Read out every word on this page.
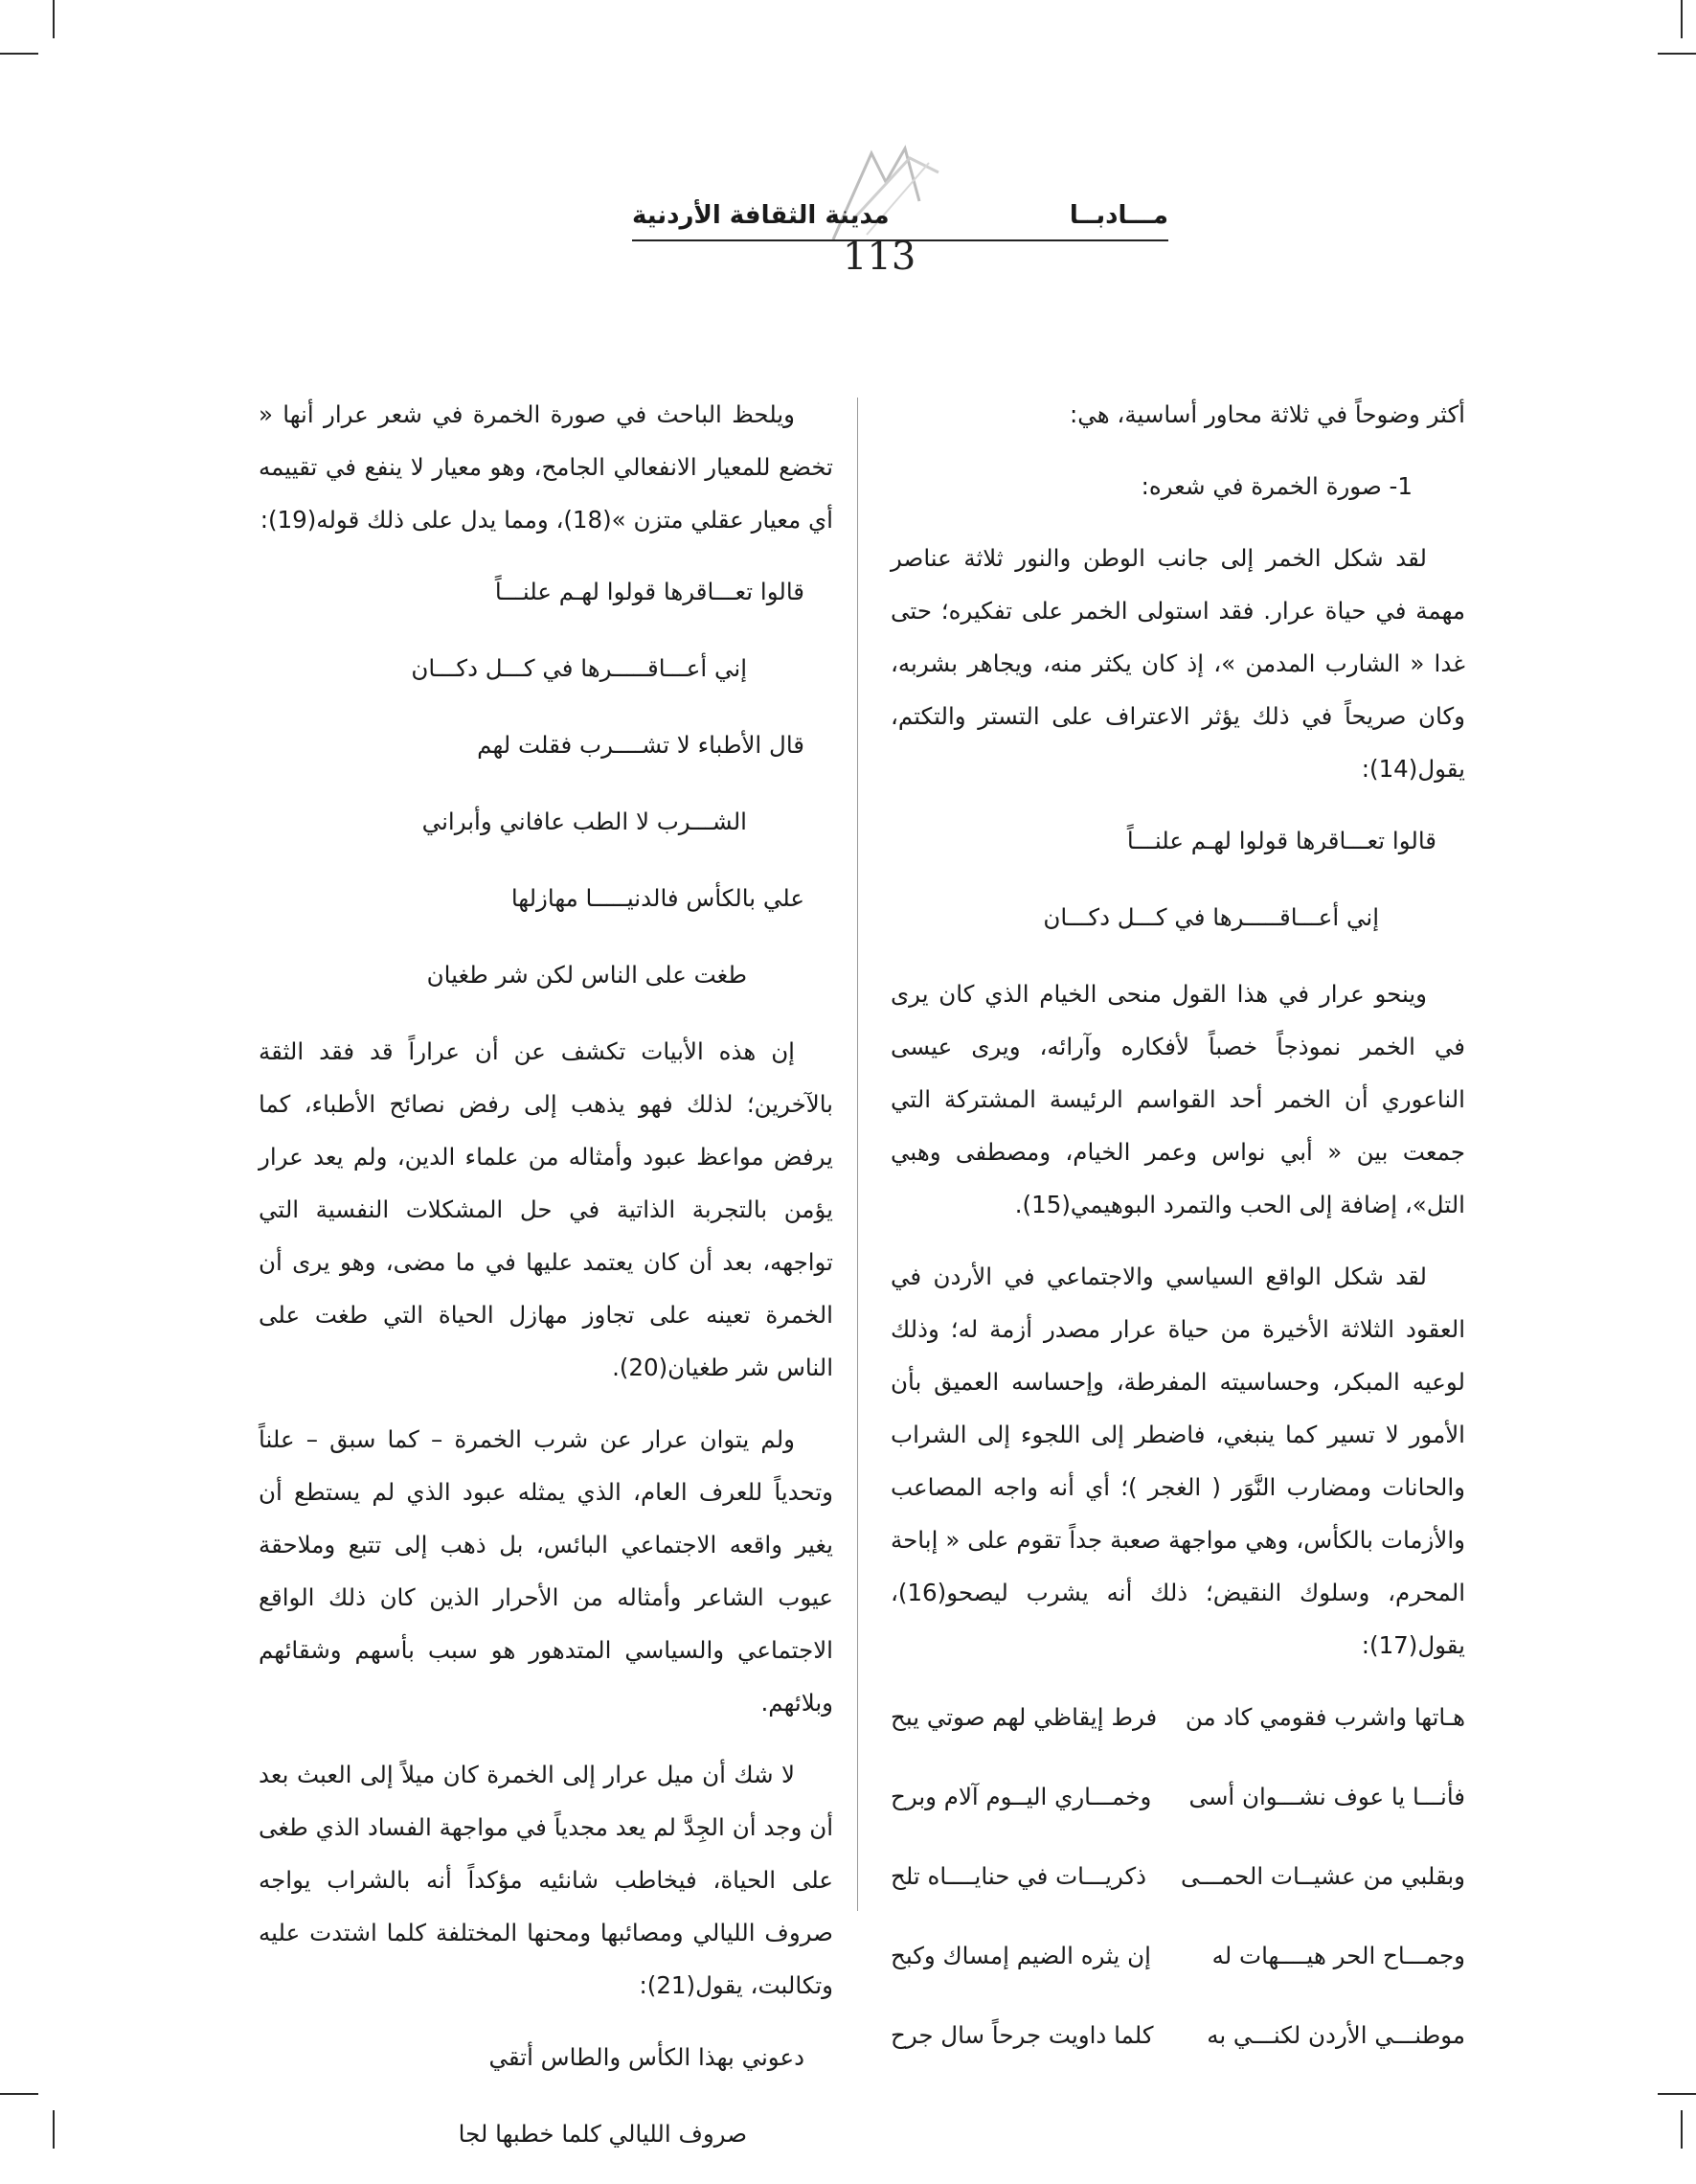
مـــادبــا
مدينة الثقافة الأردنية
113

أكثر وضوحاً في ثلاثة محاور أساسية، هي:

1- صورة الخمرة في شعره:

لقد شكل الخمر إلى جانب الوطن والنور ثلاثة عناصر مهمة في حياة عرار. فقد استولى الخمر على تفكيره؛ حتى غدا « الشارب المدمن »، إذ كان يكثر منه، ويجاهر بشربه، وكان صريحاً في ذلك يؤثر الاعتراف على التستر والتكتم، يقول(14):

قالوا تعـــاقرها قولوا لهـم علنـــاً
إني أعـــاقـــــرها في كـــل دكـــان

وينحو عرار في هذا القول منحى الخيام الذي كان يرى في الخمر نموذجاً خصباً لأفكاره وآرائه، ويرى عيسى الناعوري أن الخمر أحد القواسم الرئيسة المشتركة التي جمعت بين « أبي نواس وعمر الخيام، ومصطفى وهبي التل»، إضافة إلى الحب والتمرد البوهيمي(15).

لقد شكل الواقع السياسي والاجتماعي في الأردن في العقود الثلاثة الأخيرة من حياة عرار مصدر أزمة له؛ وذلك لوعيه المبكر، وحساسيته المفرطة، وإحساسه العميق بأن الأمور لا تسير كما ينبغي، فاضطر إلى اللجوء إلى الشراب والحانات ومضارب النَّوَر ( الغجر )؛ أي أنه واجه المصاعب والأزمات بالكأس، وهي مواجهة صعبة جداً تقوم على « إباحة المحرم، وسلوك النقيض؛ ذلك أنه يشرب ليصحو(16)، يقول(17):

هـاتها واشرب فقومي كاد من
فرط إيقاظي لهم صوتي يبح
فأنـــا يا عوف نشـــوان أسى
وخمـــاري اليــوم آلام وبرح
وبقلبي من عشيــات الحمـــى
ذكريـــات في حنايــــاه تلح
وجمـــاح الحر هيــــهات له
إن يثره الضيم إمساك وكبح
موطنـــي الأردن لكنـــي به
كلما داويت جرحاً سال جرح

ويلحظ الباحث في صورة الخمرة في شعر عرار أنها « تخضع للمعيار الانفعالي الجامح، وهو معيار لا ينفع في تقييمه أي معيار عقلي متزن »(18)، ومما يدل على ذلك قوله(19):

قالوا تعـــاقرها قولوا لهـم علنـــاً
إني أعـــاقـــــرها في كـــل دكـــان
قال الأطباء لا تشــــرب فقلت لهم
الشـــرب لا الطب عافاني وأبراني
علي بالكأس فالدنيـــــا مهازلها
طغت على الناس لكن شر طغيان

إن هذه الأبيات تكشف عن أن عراراً قد فقد الثقة بالآخرين؛ لذلك فهو يذهب إلى رفض نصائح الأطباء، كما يرفض مواعظ عبود وأمثاله من علماء الدين، ولم يعد عرار يؤمن بالتجربة الذاتية في حل المشكلات النفسية التي تواجهه، بعد أن كان يعتمد عليها في ما مضى، وهو يرى أن الخمرة تعينه على تجاوز مهازل الحياة التي طغت على الناس شر طغيان(20).

ولم يتوان عرار عن شرب الخمرة – كما سبق – علناً وتحدياً للعرف العام، الذي يمثله عبود الذي لم يستطع أن يغير واقعه الاجتماعي البائس، بل ذهب إلى تتبع وملاحقة عيوب الشاعر وأمثاله من الأحرار الذين كان ذلك الواقع الاجتماعي والسياسي المتدهور هو سبب بأسهم وشقائهم وبلائهم.

لا شك أن ميل عرار إلى الخمرة كان ميلاً إلى العبث بعد أن وجد أن الجِدَّ لم يعد مجدياً في مواجهة الفساد الذي طغى على الحياة، فيخاطب شانئيه مؤكداً أنه بالشراب يواجه صروف الليالي ومصائبها ومحنها المختلفة كلما اشتدت عليه وتكالبت، يقول(21):

دعوني بهذا الكأس والطاس أتقي
صروف الليالي كلما خطبها لجا
